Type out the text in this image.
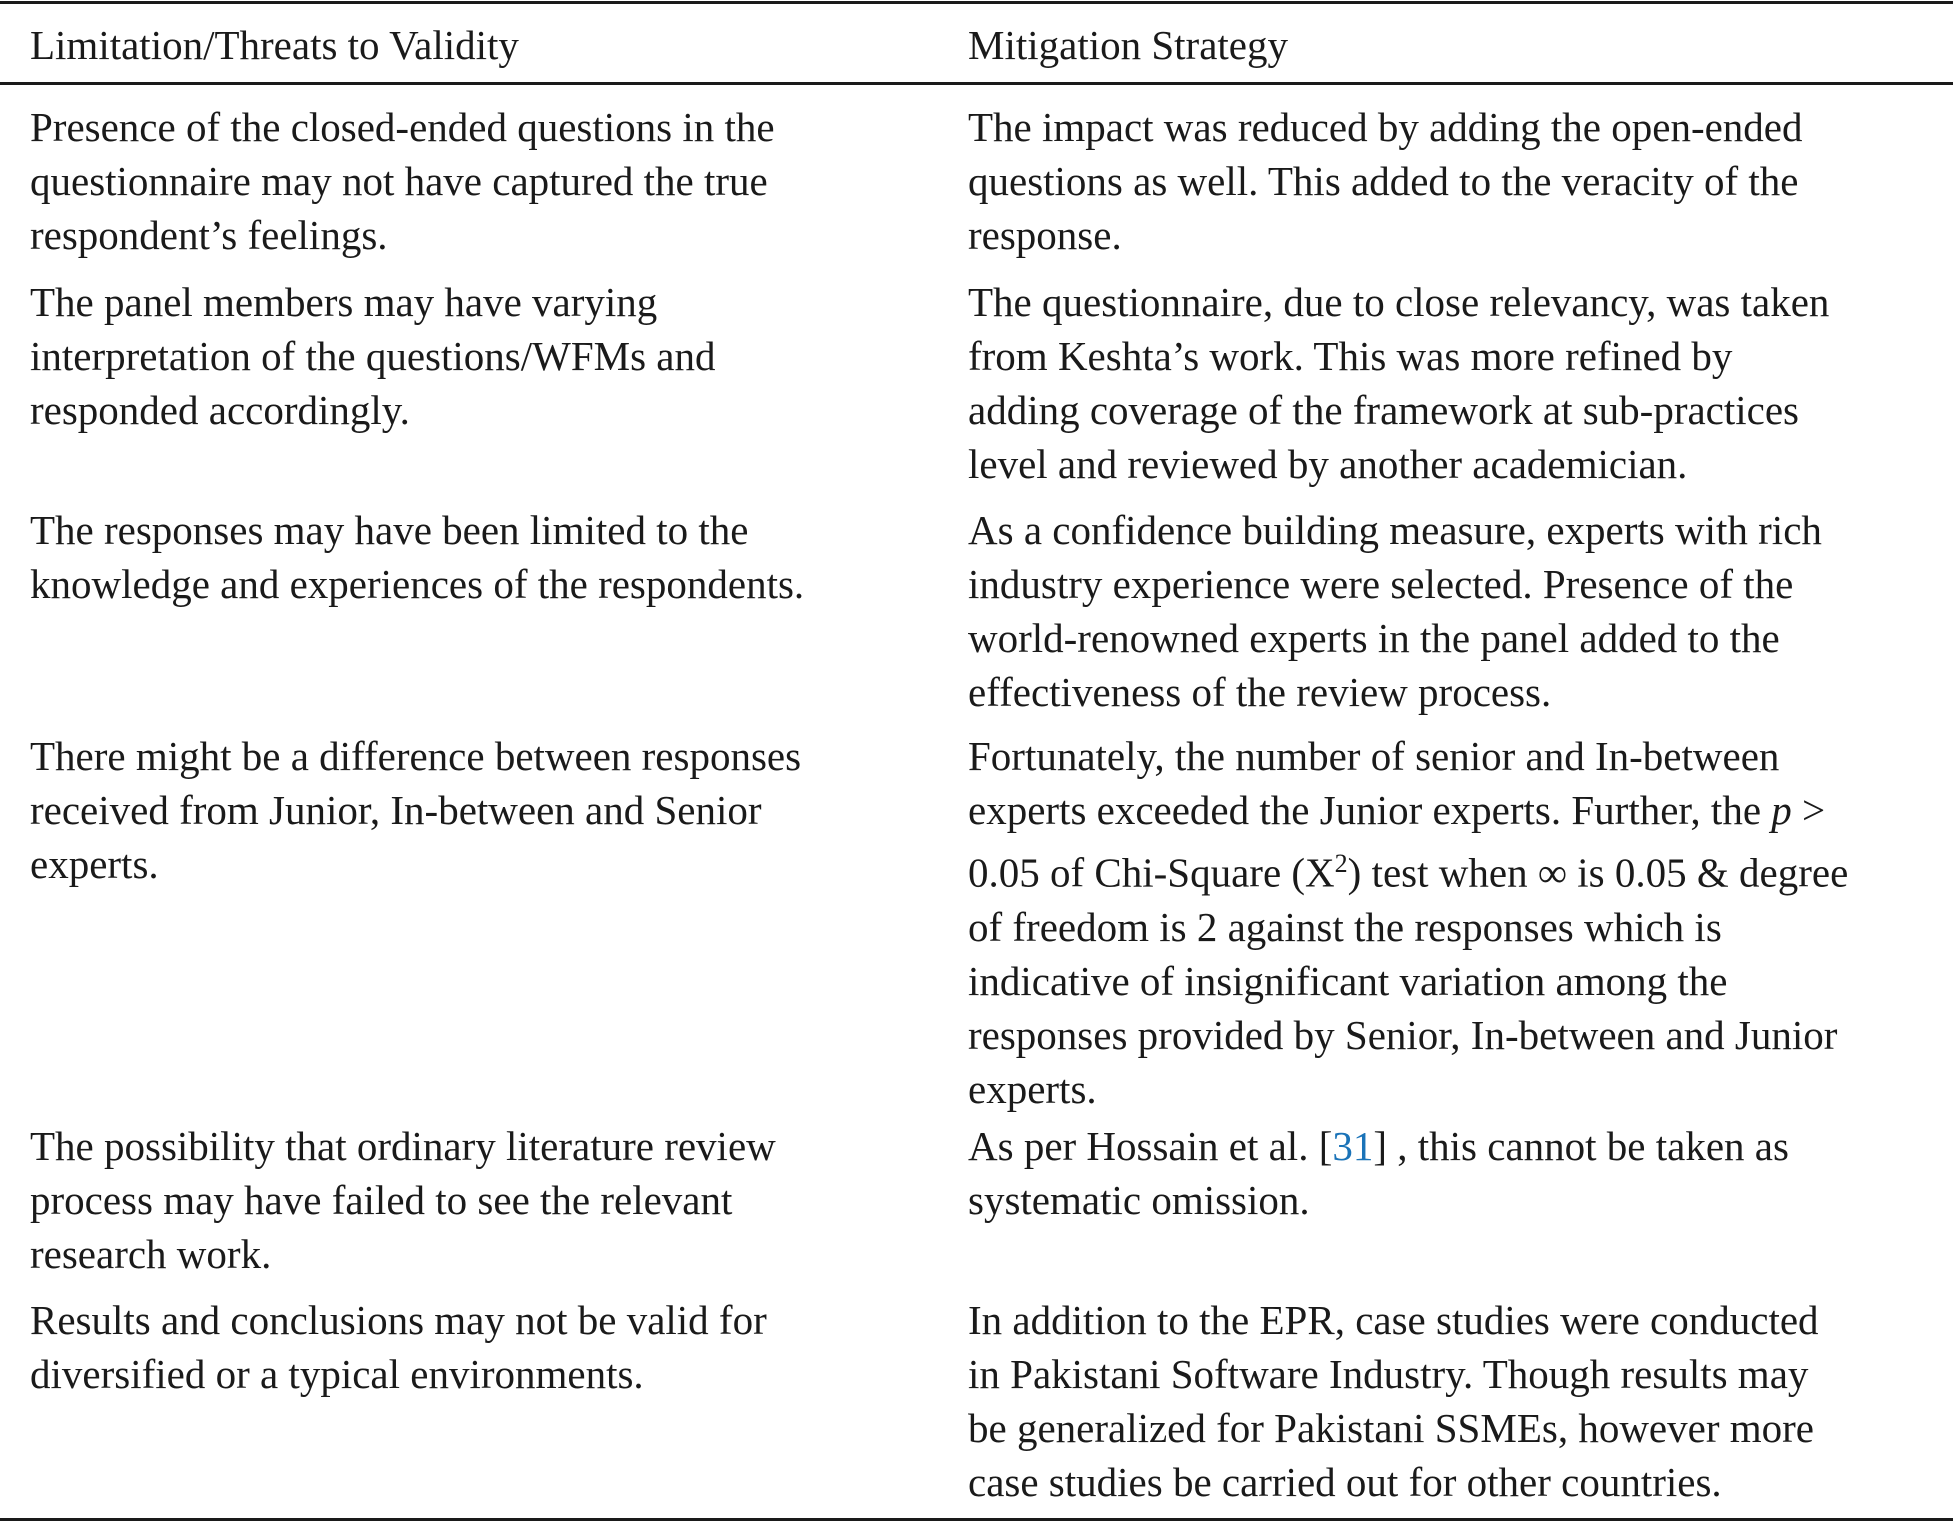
Limitation/Threats to Validity	Mitigation Strategy
Presence of the closed-ended questions in the
questionnaire may not have captured the true
respondent’s feelings.
The impact was reduced by adding the open-ended
questions as well. This added to the veracity of the
response.
The panel members may have varying
interpretation of the questions/WFMs and
responded accordingly.
The questionnaire, due to close relevancy, was taken
from Keshta’s work. This was more refined by
adding coverage of the framework at sub-practices
level and reviewed by another academician.
The responses may have been limited to the
knowledge and experiences of the respondents.
As a confidence building measure, experts with rich
industry experience were selected. Presence of the
world-renowned experts in the panel added to the
effectiveness of the review process.
There might be a difference between responses
received from Junior, In-between and Senior
experts.
Fortunately, the number of senior and In-between
experts exceeded the Junior experts. Further, the p >
0.05 of Chi-Square $(X^2)$ test when ∞ is 0.05 & degree
of freedom is 2 against the responses which is
indicative of insignificant variation among the
responses provided by Senior, In-between and Junior
experts.
The possibility that ordinary literature review
process may have failed to see the relevant
research work.
As per Hossain et al. [31] , this cannot be taken as
systematic omission.
Results and conclusions may not be valid for
diversified or a typical environments.
In addition to the EPR, case studies were conducted
in Pakistani Software Industry. Though results may
be generalized for Pakistani SSMEs, however more
case studies be carried out for other countries.
